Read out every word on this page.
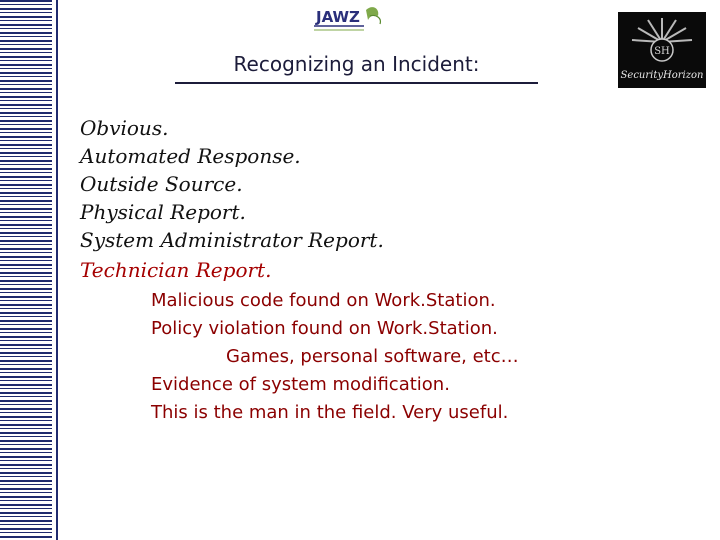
JAWZ
SH
SecurityHorizon
Recognizing an Incident:
Obvious.
Automated Response.
Outside Source.
Physical Report.
System Administrator Report.
Technician Report.
Malicious code found on Work.Station.
Policy violation found on Work.Station.
Games, personal software, etc…
Evidence of system modification.
This is the man in the field. Very useful.
